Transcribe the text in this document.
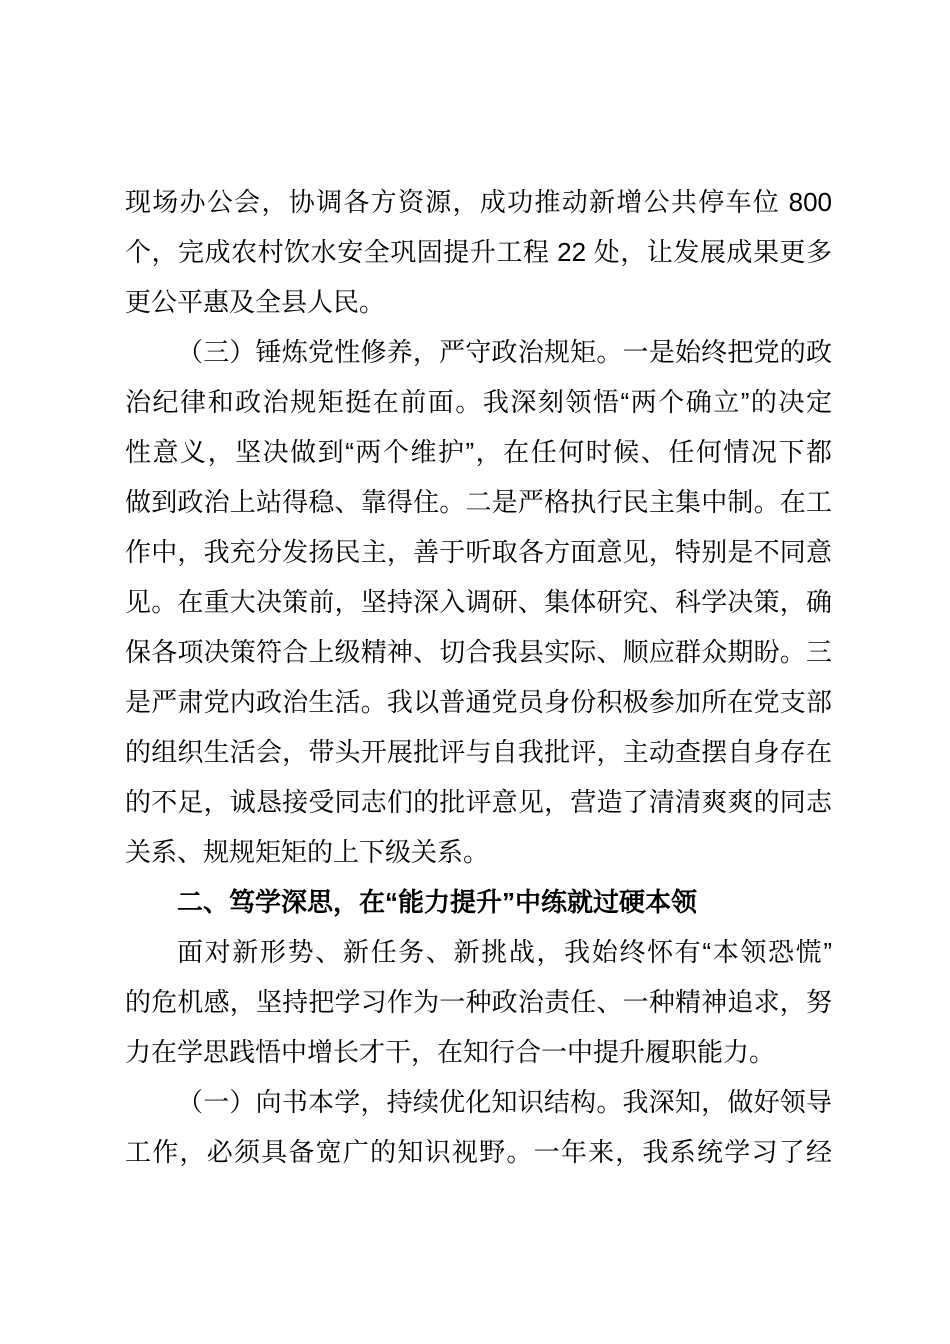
现场办公会，协调各方资源，成功推动新增公共停车位 800
个，完成农村饮水安全巩固提升工程 22 处，让发展成果更多
更公平惠及全县人民。
（三）锤炼党性修养，严守政治规矩。一是始终把党的政
治纪律和政治规矩挺在前面。我深刻领悟“两个确立”的决定
性意义，坚决做到“两个维护”，在任何时候、任何情况下都
做到政治上站得稳、靠得住。二是严格执行民主集中制。在工
作中，我充分发扬民主，善于听取各方面意见，特别是不同意
见。在重大决策前，坚持深入调研、集体研究、科学决策，确
保各项决策符合上级精神、切合我县实际、顺应群众期盼。三
是严肃党内政治生活。我以普通党员身份积极参加所在党支部
的组织生活会，带头开展批评与自我批评，主动查摆自身存在
的不足，诚恳接受同志们的批评意见，营造了清清爽爽的同志
关系、规规矩矩的上下级关系。
二、笃学深思，在“能力提升”中练就过硬本领
面对新形势、新任务、新挑战，我始终怀有“本领恐慌”
的危机感，坚持把学习作为一种政治责任、一种精神追求，努
力在学思践悟中增长才干，在知行合一中提升履职能力。
（一）向书本学，持续优化知识结构。我深知，做好领导
工作，必须具备宽广的知识视野。一年来，我系统学习了经
